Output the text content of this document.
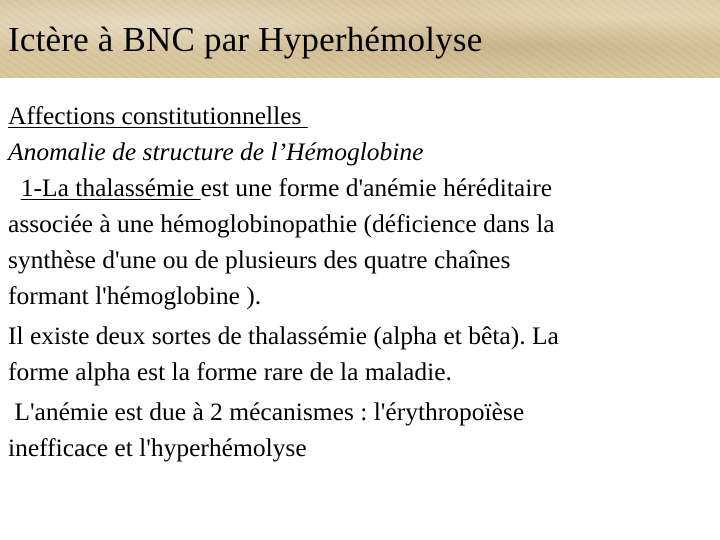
Ictère à BNC par Hyperhémolyse
Affections constitutionnelles
Anomalie de structure de l’Hémoglobine
1-La thalassémie est une forme d'anémie héréditaire
associée à une hémoglobinopathie (déficience dans la
synthèse d'une ou de plusieurs des quatre chaînes
formant l'hémoglobine ).
Il existe deux sortes de thalassémie (alpha et bêta). La
forme alpha est la forme rare de la maladie.
L'anémie est due à 2 mécanismes : l'érythropoïèse
inefficace et l'hyperhémolyse
